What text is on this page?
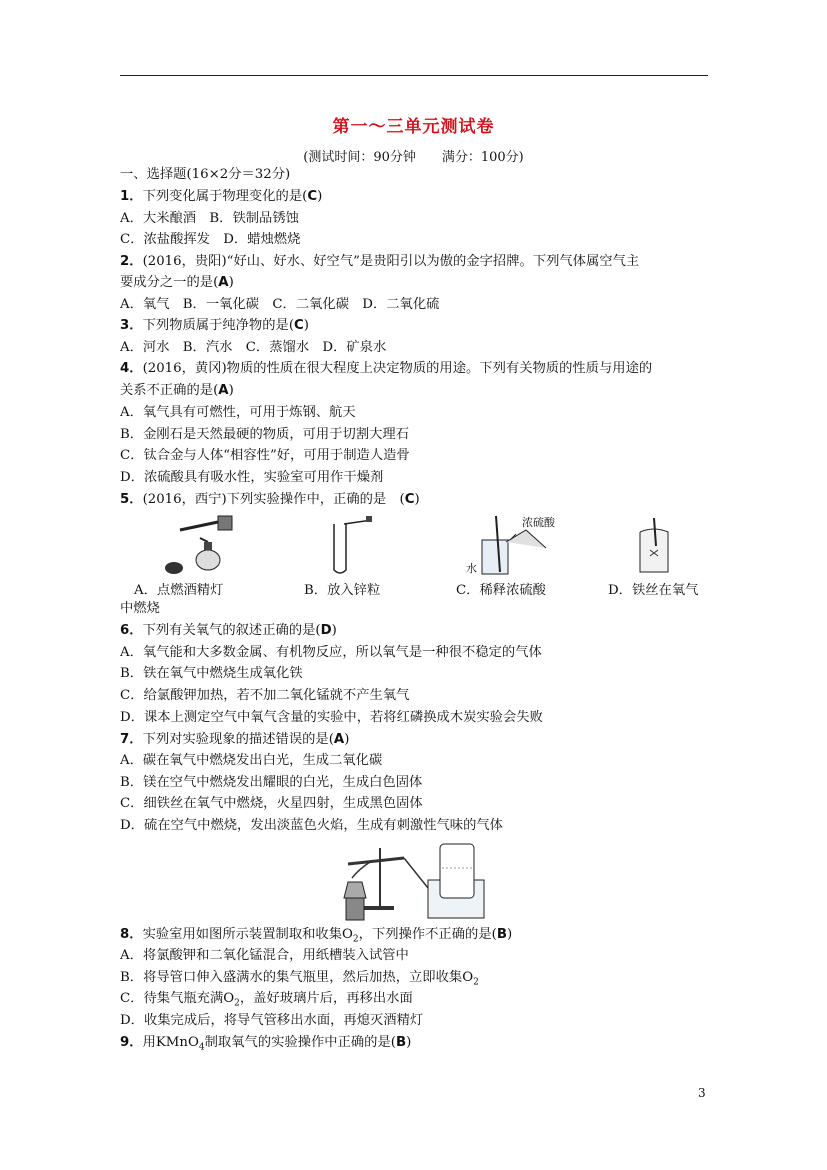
第一～三单元测试卷
(测试时间：90分钟　　满分：100分)
一、选择题(16×2分＝32分)
1．下列变化属于物理变化的是(C)
A．大米酿酒　B．铁制品锈蚀
C．浓盐酸挥发　D．蜡烛燃烧
2．(2016，贵阳)“好山、好水、好空气”是贵阳引以为傲的金字招牌。下列气体属空气主
要成分之一的是(A)
A．氧气　B．一氧化碳　C．二氧化碳　D．二氧化硫
3．下列物质属于纯净物的是(C)
A．河水　B．汽水　C．蒸馏水　D．矿泉水
4．(2016，黄冈)物质的性质在很大程度上决定物质的用途。下列有关物质的性质与用途的
关系不正确的是(A)
A．氧气具有可燃性，可用于炼钢、航天
B．金刚石是天然最硬的物质，可用于切割大理石
C．钛合金与人体“相容性”好，可用于制造人造骨
D．浓硫酸具有吸水性，实验室可用作干燥剂
5．(2016，西宁)下列实验操作中，正确的是　(C)
浓硫酸
水
A．点燃酒精灯	B．放入锌粒	C．稀释浓硫酸	D．铁丝在氧气
中燃烧
6．下列有关氧气的叙述正确的是(D)
A．氧气能和大多数金属、有机物反应，所以氧气是一种很不稳定的气体
B．铁在氧气中燃烧生成氧化铁
C．给氯酸钾加热，若不加二氧化锰就不产生氧气
D．课本上测定空气中氧气含量的实验中，若将红磷换成木炭实验会失败
7．下列对实验现象的描述错误的是(A)
A．碳在氧气中燃烧发出白光，生成二氧化碳
B．镁在空气中燃烧发出耀眼的白光，生成白色固体
C．细铁丝在氧气中燃烧，火星四射，生成黑色固体
D．硫在空气中燃烧，发出淡蓝色火焰，生成有刺激性气味的气体
8．实验室用如图所示装置制取和收集$O_2$，下列操作不正确的是(B)
A．将氯酸钾和二氧化锰混合，用纸槽装入试管中
B．将导管口伸入盛满水的集气瓶里，然后加热，立即收集$O_2$
C．待集气瓶充满$O_2$，盖好玻璃片后，再移出水面
D．收集完成后，将导气管移出水面，再熄灭酒精灯
9．用KMnO$_4$制取氧气的实验操作中正确的是(B)
3
